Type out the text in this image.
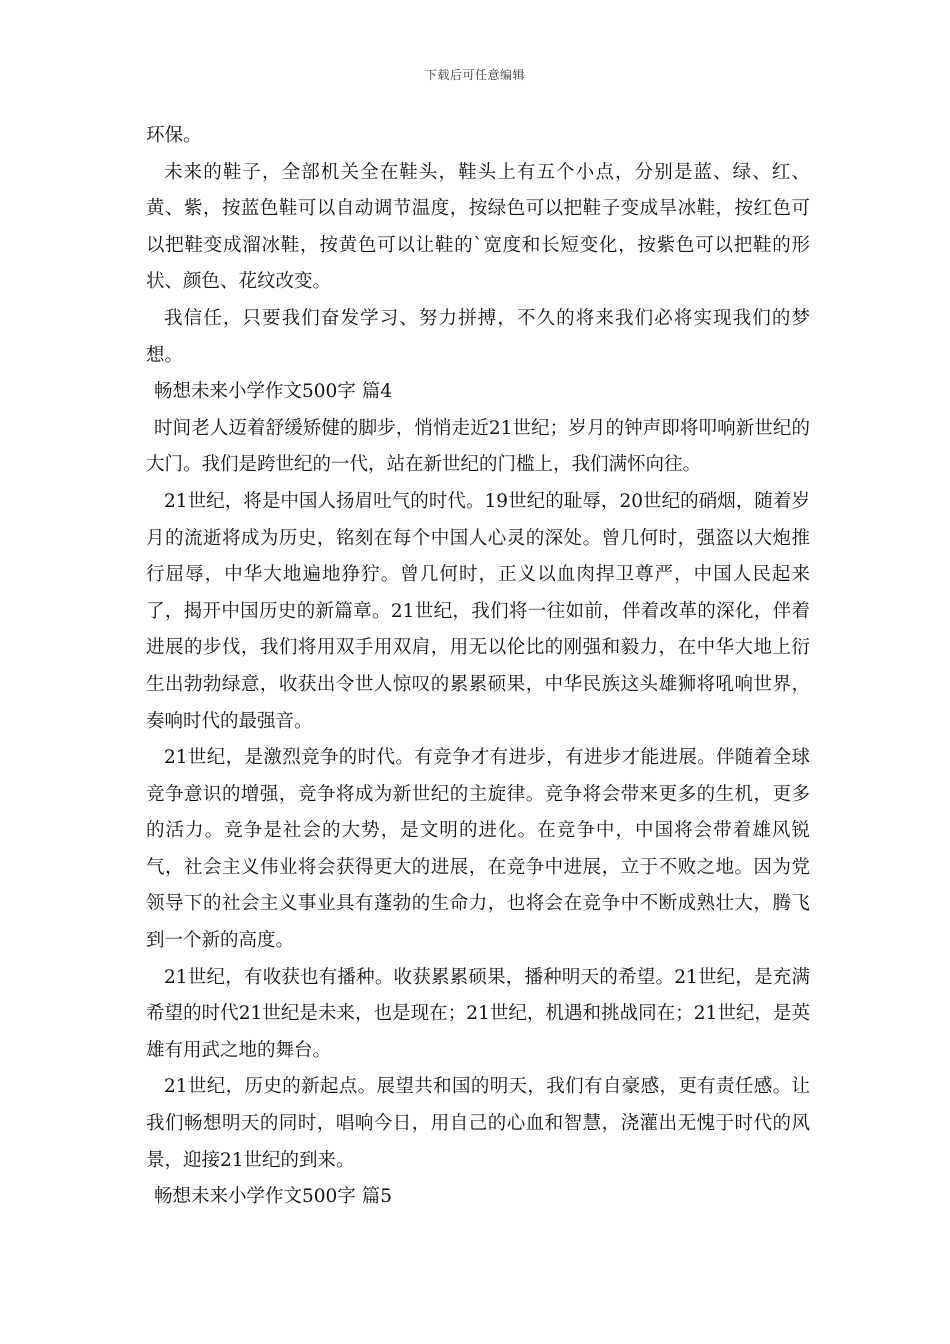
下载后可任意编辑

环保。

未来的鞋子，全部机关全在鞋头，鞋头上有五个小点，分别是蓝、绿、红、黄、紫，按蓝色鞋可以自动调节温度，按绿色可以把鞋子变成旱冰鞋，按红色可以把鞋变成溜冰鞋，按黄色可以让鞋的`宽度和长短变化，按紫色可以把鞋的形状、颜色、花纹改变。

我信任，只要我们奋发学习、努力拼搏，不久的将来我们必将实现我们的梦想。

畅想未来小学作文500字 篇4

时间老人迈着舒缓矫健的脚步，悄悄走近21世纪；岁月的钟声即将叩响新世纪的大门。我们是跨世纪的一代，站在新世纪的门槛上，我们满怀向往。

21世纪，将是中国人扬眉吐气的时代。19世纪的耻辱，20世纪的硝烟，随着岁月的流逝将成为历史，铭刻在每个中国人心灵的深处。曾几何时，强盗以大炮推行屈辱，中华大地遍地狰狞。曾几何时，正义以血肉捍卫尊严，中国人民起来了，揭开中国历史的新篇章。21世纪，我们将一往如前，伴着改革的深化，伴着进展的步伐，我们将用双手用双肩，用无以伦比的刚强和毅力，在中华大地上衍生出勃勃绿意，收获出令世人惊叹的累累硕果，中华民族这头雄狮将吼响世界，奏响时代的最强音。

21世纪，是激烈竞争的时代。有竞争才有进步，有进步才能进展。伴随着全球竞争意识的增强，竞争将成为新世纪的主旋律。竞争将会带来更多的生机，更多的活力。竞争是社会的大势，是文明的进化。在竞争中，中国将会带着雄风锐气，社会主义伟业将会获得更大的进展，在竞争中进展，立于不败之地。因为党领导下的社会主义事业具有蓬勃的生命力，也将会在竞争中不断成熟壮大，腾飞到一个新的高度。

21世纪，有收获也有播种。收获累累硕果，播种明天的希望。21世纪，是充满希望的时代21世纪是未来，也是现在；21世纪，机遇和挑战同在；21世纪，是英雄有用武之地的舞台。

21世纪，历史的新起点。展望共和国的明天，我们有自豪感，更有责任感。让我们畅想明天的同时，唱响今日，用自己的心血和智慧，浇灌出无愧于时代的风景，迎接21世纪的到来。

畅想未来小学作文500字 篇5
